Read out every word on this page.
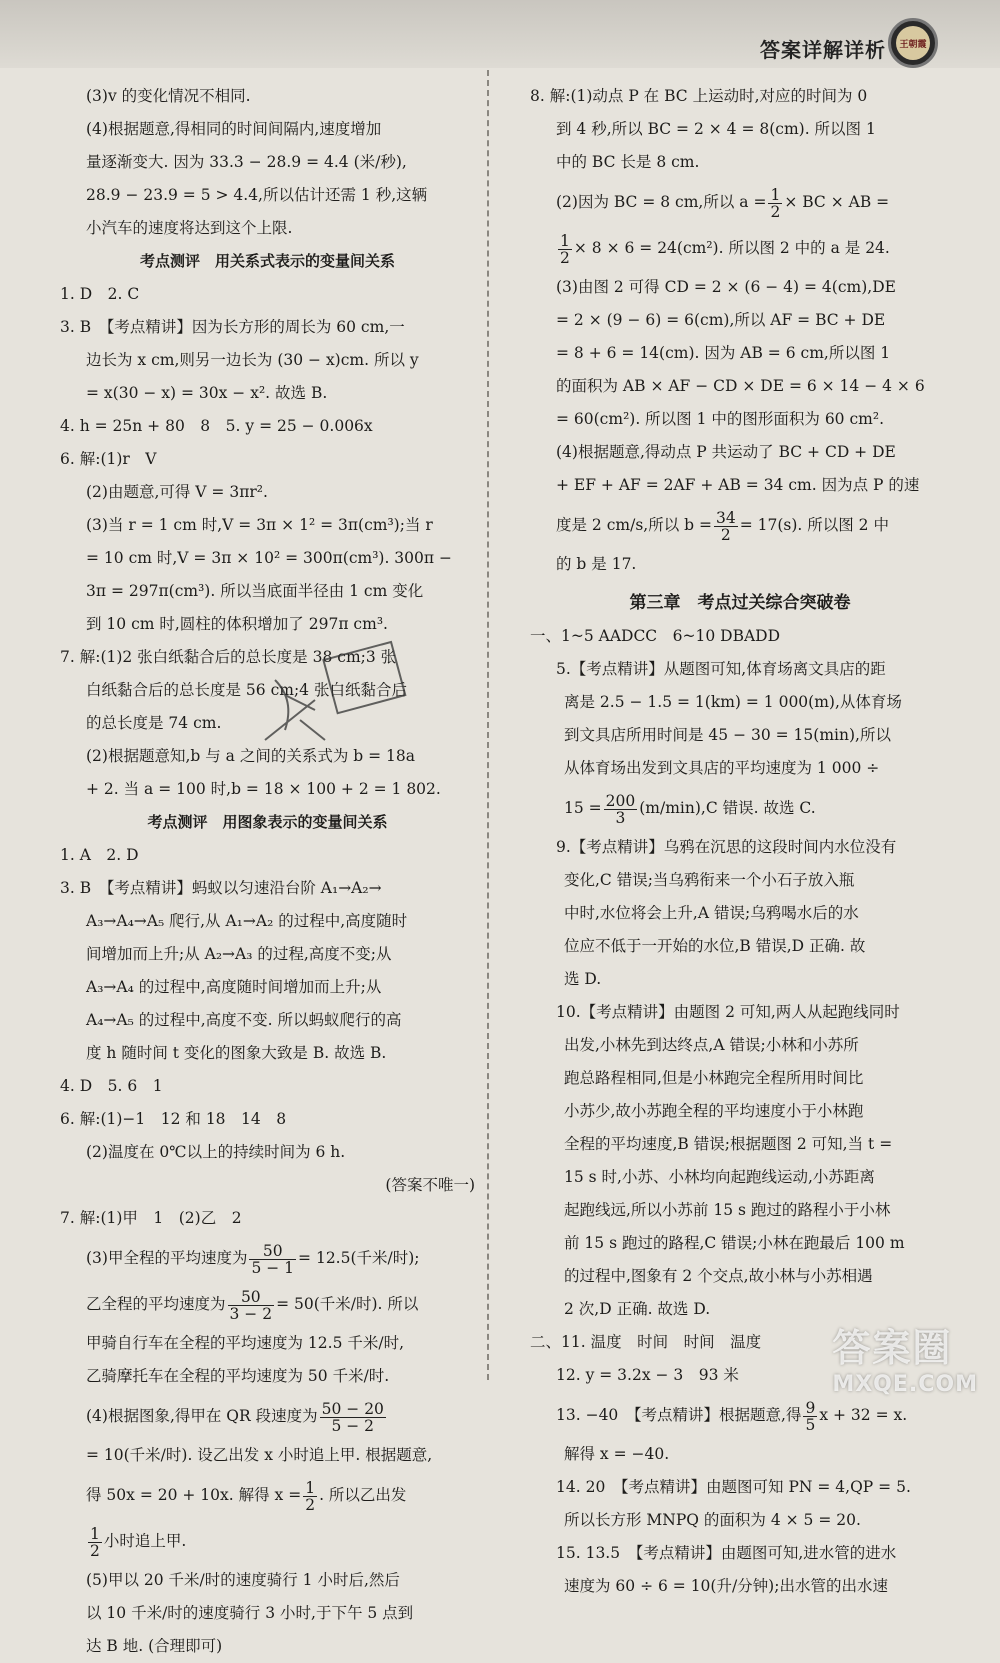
答案详解详析	王朝霞
(3)v 的变化情况不相同.
(4)根据题意,得相同的时间间隔内,速度增加
量逐渐变大. 因为 33.3 − 28.9 = 4.4 (米/秒),
28.9 − 23.9 = 5 > 4.4,所以估计还需 1 秒,这辆
小汽车的速度将达到这个上限.
考点测评　用关系式表示的变量间关系
1. D　2. C
3. B　【考点精讲】因为长方形的周长为 60 cm,一
边长为 x cm,则另一边长为 (30 − x)cm. 所以 y
= x(30 − x) = 30x − x². 故选 B.
4. h = 25n + 80　8　5. y = 25 − 0.006x
6. 解:(1)r　V
(2)由题意,可得 V = 3πr².
(3)当 r = 1 cm 时,V = 3π × 1² = 3π(cm³);当 r
= 10 cm 时,V = 3π × 10² = 300π(cm³). 300π −
3π = 297π(cm³). 所以当底面半径由 1 cm 变化
到 10 cm 时,圆柱的体积增加了 297π cm³.
7. 解:(1)2 张白纸黏合后的总长度是 38 cm;3 张
白纸黏合后的总长度是 56 cm;4 张白纸黏合后
的总长度是 74 cm.
(2)根据题意知,b 与 a 之间的关系式为 b = 18a
+ 2. 当 a = 100 时,b = 18 × 100 + 2 = 1 802.
考点测评　用图象表示的变量间关系
1. A　2. D
3. B　【考点精讲】蚂蚁以匀速沿台阶 A₁→A₂→
A₃→A₄→A₅ 爬行,从 A₁→A₂ 的过程中,高度随时
间增加而上升;从 A₂→A₃ 的过程,高度不变;从
A₃→A₄ 的过程中,高度随时间增加而上升;从
A₄→A₅ 的过程中,高度不变. 所以蚂蚁爬行的高
度 h 随时间 t 变化的图象大致是 B. 故选 B.
4. D　5. 6　1
6. 解:(1)−1　12 和 18　14　8
(2)温度在 0℃以上的持续时间为 6 h.
(答案不唯一)
7. 解:(1)甲　1　(2)乙　2
(3)甲全程的平均速度为 $\frac{50}{5 - 1} = 12.5$(千米/时);
乙全程的平均速度为 $\frac{50}{3 - 2} = 50$(千米/时). 所以
甲骑自行车在全程的平均速度为 12.5 千米/时,
乙骑摩托车在全程的平均速度为 50 千米/时.
(4)根据图象,得甲在 QR 段速度为 $\frac{50 - 20}{5 - 2}$
= 10(千米/时). 设乙出发 x 小时追上甲. 根据题意,
得 50x = 20 + 10x. 解得 $x = \frac{1}{2}$ . 所以乙出发
$\frac{1}{2}$ 小时追上甲.
(5)甲以 20 千米/时的速度骑行 1 小时后,然后
以 10 千米/时的速度骑行 3 小时,于下午 5 点到
达 B 地. (合理即可)
8. 解:(1)动点 P 在 BC 上运动时,对应的时间为 0
到 4 秒,所以 BC = 2 × 4 = 8(cm). 所以图 1
中的 BC 长是 8 cm.
(2)因为 BC = 8 cm,所以 $a = \frac{1}{2}$ × BC × AB =
$\frac{1}{2} \times 8 \times 6 = 24(cm^2)$. 所以图 2 中的 a 是 24.
(3)由图 2 可得 CD = 2 × (6 − 4) = 4(cm),DE
= 2 × (9 − 6) = 6(cm),所以 AF = BC + DE
= 8 + 6 = 14(cm). 因为 AB = 6 cm,所以图 1
的面积为 AB × AF − CD × DE = 6 × 14 − 4 × 6
= 60(cm²). 所以图 1 中的图形面积为 60 cm².
(4)根据题意,得动点 P 共运动了 BC + CD + DE
+ EF + AF = 2AF + AB = 34 cm. 因为点 P 的速
度是 2 cm/s,所以 $b = \frac{34}{2} = 17(s)$. 所以图 2 中
的 b 是 17.
第三章　考点过关综合突破卷
一、1~5 AADCC　6~10 DBADD
5.【考点精讲】从题图可知,体育场离文具店的距
离是 2.5 − 1.5 = 1(km) = 1 000(m),从体育场
到文具店所用时间是 45 − 30 = 15(min),所以
从体育场出发到文具店的平均速度为 1 000 ÷
$15 = \frac{200}{3} (m/\min),C$ 错误. 故选 C.
9.【考点精讲】乌鸦在沉思的这段时间内水位没有
变化,C 错误;当乌鸦衔来一个小石子放入瓶
中时,水位将会上升,A 错误;乌鸦喝水后的水
位应不低于一开始的水位,B 错误,D 正确. 故
选 D.
10.【考点精讲】由题图 2 可知,两人从起跑线同时
出发,小林先到达终点,A 错误;小林和小苏所
跑总路程相同,但是小林跑完全程所用时间比
小苏少,故小苏跑全程的平均速度小于小林跑
全程的平均速度,B 错误;根据题图 2 可知,当 t =
15 s 时,小苏、小林均向起跑线运动,小苏距离
起跑线远,所以小苏前 15 s 跑过的路程小于小林
前 15 s 跑过的路程,C 错误;小林在跑最后 100 m
的过程中,图象有 2 个交点,故小林与小苏相遇
2 次,D 正确. 故选 D.
二、11. 温度　时间　时间　温度
12. y = 3.2x − 3　93 米
13. −40　【考点精讲】根据题意,得 $\frac{9}{5}$ x + 32 = x.
解得 x = −40.
14. 20　【考点精讲】由题图可知 PN = 4,QP = 5.
所以长方形 MNPQ 的面积为 4 × 5 = 20.
15. 13.5　【考点精讲】由题图可知,进水管的进水
速度为 60 ÷ 6 = 10(升/分钟);出水管的出水速
答案圈
MXQE.COM
